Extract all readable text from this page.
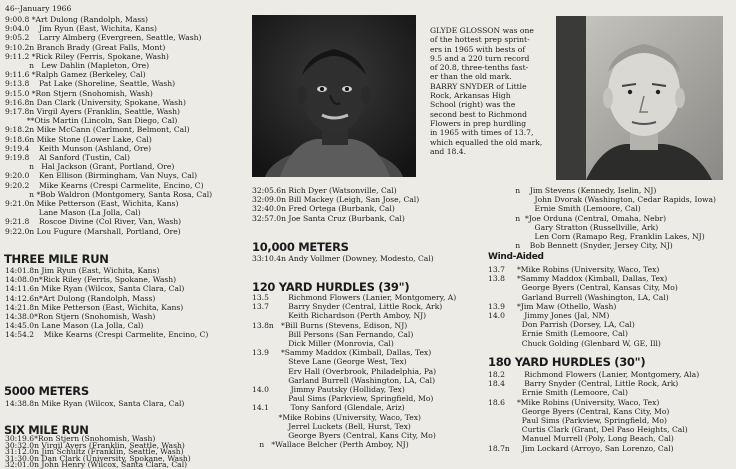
46--January 1966
9:00.8 *Art Dulong (Randolph, Mass)
9:04.0    Jim Ryun (East, Wichita, Kans)
9:05.2    Larry Almberg (Evergreen, Seattle, Wash)
9:10.2n Branch Brady (Great Falls, Mont)
9:11.2 *Rick Riley (Ferris, Spokane, Wash)
n   Lew Dahlin (Mapleton, Ore)
9:11.6 *Ralph Gamez (Berkeley, Cal)
9:13.8    Pat Lake (Shoreline, Seattle, Wash)
9:15.0 *Ron Stjern (Snohomish, Wash)
9:16.8n Dan Clark (University, Spokane, Wash)
9:17.8n Virgil Ayers (Franklin, Seattle, Wash)
**Otis Martin (Lincoln, San Diego, Cal)
9:18.2n Mike McCann (Carlmont, Belmont, Cal)
9:18.6n Mike Stone (Lower Lake, Cal)
9:19.4    Keith Munson (Ashland, Ore)
9:19.8    Al Sanford (Tustin, Cal)
n   Hal Jackson (Grant, Portland, Ore)
9:20.0    Ken Ellison (Birmingham, Van Nuys, Cal)
9:20.2    Mike Kearns (Crespi Carmelite, Encino, C)
n *Bob Waldron (Montgomery, Santa Rosa, Cal)
9:21.0n Mike Petterson (East, Wichita, Kans)
Lane Mason (La Jolla, Cal)
9:21.8    Roscoe Divine (Col River, Van, Wash)
9:22.0n Lou Fugure (Marshall, Portland, Ore)
THREE MILE RUN
14:01.8n Jim Ryun (East, Wichita, Kans)
14:08.0n*Rick Riley (Ferris, Spokane, Wash)
14:11.6n Mike Ryan (Wilcox, Santa Clara, Cal)
14:12.6n*Art Dulong (Randolph, Mass)
14:21.8n Mike Petterson (East, Wichita, Kans)
14:38.0*Ron Stjern (Snohomish, Wash)
14:45.0n Lane Mason (La Jolla, Cal)
14:54.2    Mike Kearns (Crespi Carmelite, Encino, C)
5000 METERS
14:38.8n Mike Ryan (Wilcox, Santa Clara, Cal)
SIX MILE RUN
30:19.6*Ron Stjern (Snohomish, Wash)
30:32.0n Virgil Ayers (Franklin, Seattle, Wash)
31:12.0n Jim Schultz (Franklin, Seattle, Wash)
31:30.0n Dan Clark (University, Spokane, Wash)
32:01.0n John Henry (Wilcox, Santa Clara, Cal)
GLYDE GLOSSON was one
of the hottest prep sprint-
ers in 1965 with bests of
9.5 and a 220 turn record
of 20.8, three-tenths fast-
er than the old mark.
BARRY SNYDER of Little
Rock, Arkansas High
School (right) was the
second best to Richmond
Flowers in prep hurdling
in 1965 with times of 13.7,
which equalled the old mark,
and 18.4.
32:05.6n Rich Dyer (Watsonville, Cal)
32:09.0n Bill Mackey (Leigh, San Jose, Cal)
32:40.0n Fred Ortega (Burbank, Cal)
32:57.0n Joe Santa Cruz (Burbank, Cal)
10,000 METERS
33:10.4n Andy Vollmer (Downey, Modesto, Cal)
120 YARD HURDLES (39")
13.5        Richmond Flowers (Lanier, Montgomery, A)
13.7        Barry Snyder (Central, Little Rock, Ark)
Keith Richardson (Perth Amboy, NJ)
13.8n   *Bill Burns (Stevens, Edison, NJ)
Bill Persons (San Fernando, Cal)
Dick Miller (Monrovia, Cal)
13.9     *Sammy Maddox (Kimball, Dallas, Tex)
Steve Lane (George West, Tex)
Erv Hall (Overbrook, Philadelphia, Pa)
Garland Burrell (Washington, LA, Cal)
14.0         Jimmy Pautsky (Holliday, Tex)
Paul Sims (Parkview, Springfield, Mo)
14.1         Tony Sanford (Glendale, Ariz)
*Mike Robins (University, Waco, Tex)
Jerrel Luckets (Bell, Hurst, Tex)
George Byers (Central, Kans City, Mo)
n   *Wallace Belcher (Perth Amboy, NJ)
n    Jim Stevens (Kennedy, Iselin, NJ)
John Dvorak (Washington, Cedar Rapids, Iowa)
Ernie Smith (Lemoore, Cal)
n  *Joe Orduna (Central, Omaha, Nebr)
Gary Stratton (Russellville, Ark)
Len Corn (Ramapo Reg, Franklin Lakes, NJ)
n    Bob Bennett (Snyder, Jersey City, NJ)
Wind-Aided
13.7     *Mike Robins (University, Waco, Tex)
13.8     *Sammy Maddox (Kimball, Dallas, Tex)
George Byers (Central, Kansas City, Mo)
Garland Burrell (Washington, LA, Cal)
13.9     *Jim Maw (Othello, Wash)
14.0        Jimmy Jones (Jal, NM)
Don Parrish (Dorsey, LA, Cal)
Ernie Smith (Lemoore, Cal)
Chuck Golding (Glenbard W, GE, Ill)
180 YARD HURDLES (30")
18.2        Richmond Flowers (Lanier, Montgomery, Ala)
18.4        Barry Snyder (Central, Little Rock, Ark)
Ernie Smith (Lemoore, Cal)
18.6     *Mike Robins (University, Waco, Tex)
George Byers (Central, Kans City, Mo)
Paul Sims (Parkview, Springfield, Mo)
Curtis Clark (Grant, Del Paso Heights, Cal)
Manuel Murrell (Poly, Long Beach, Cal)
18.7n     Jim Lockard (Arroyo, San Lorenzo, Cal)
